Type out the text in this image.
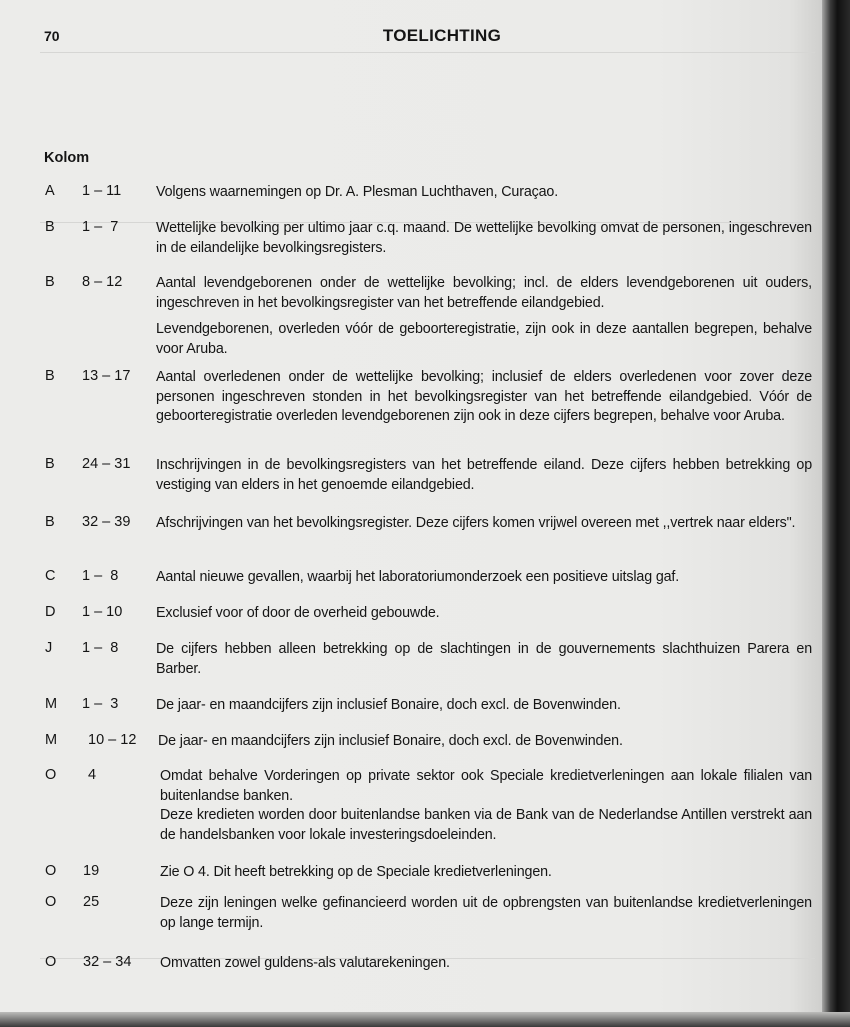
70	TOELICHTING
Kolom
A 1 – 11	Volgens waarnemingen op Dr. A. Plesman Luchthaven, Curaçao.

B 1 –  7	Wettelijke bevolking per ultimo jaar c.q. maand. De wettelijke bevolking omvat de personen, ingeschreven in de eilandelijke bevolkingsregisters.

B 8 – 12	Aantal levendgeborenen onder de wettelijke bevolking; incl. de elders levendgeborenen uit ouders, ingeschreven in het bevolkingsregister van het betreffende eilandgebied.

Levendgeborenen, overleden vóór de geboorteregistratie, zijn ook in deze aantallen begrepen, behalve voor Aruba.

B 13 – 17 Aantal overledenen onder de wettelijke bevolking; inclusief de elders overledenen voor zover deze personen ingeschreven stonden in het bevolkingsregister van het betreffende eilandgebied. Vóór de geboorteregistratie overleden levendgeborenen zijn ook in deze cijfers begrepen, behalve voor Aruba.

B 24 – 31 Inschrijvingen in de bevolkingsregisters van het betreffende eiland. Deze cijfers hebben betrekking op vestiging van elders in het genoemde eilandgebied.

B 32 – 39 Afschrijvingen van het bevolkingsregister. Deze cijfers komen vrijwel overeen met ,,vertrek naar elders".

C 1 –  8	Aantal nieuwe gevallen, waarbij het laboratoriumonderzoek een positieve uitslag gaf.

D 1 – 10	Exclusief voor of door de overheid gebouwde.

J 1 –  8	De cijfers hebben alleen betrekking op de slachtingen in de gouvernements slachthuizen Parera en Barber.

M 1 –  3	De jaar- en maandcijfers zijn inclusief Bonaire, doch excl. de Bovenwinden.

M 10 – 12 De jaar- en maandcijfers zijn inclusief Bonaire, doch excl. de Bovenwinden.

O 4	Omdat behalve Vorderingen op private sektor ook Speciale kredietverleningen aan lokale filialen van buitenlandse banken.

Deze kredieten worden door buitenlandse banken via de Bank van de Nederlandse Antillen verstrekt aan de handelsbanken voor lokale investeringsdoeleinden.

O 19	Zie O 4. Dit heeft betrekking op de Speciale kredietverleningen.

O 25	Deze zijn leningen welke gefinancieerd worden uit de opbrengsten van buitenlandse kredietverleningen op lange termijn.

O 32 – 34 Omvatten zowel guldens-als valutarekeningen.
